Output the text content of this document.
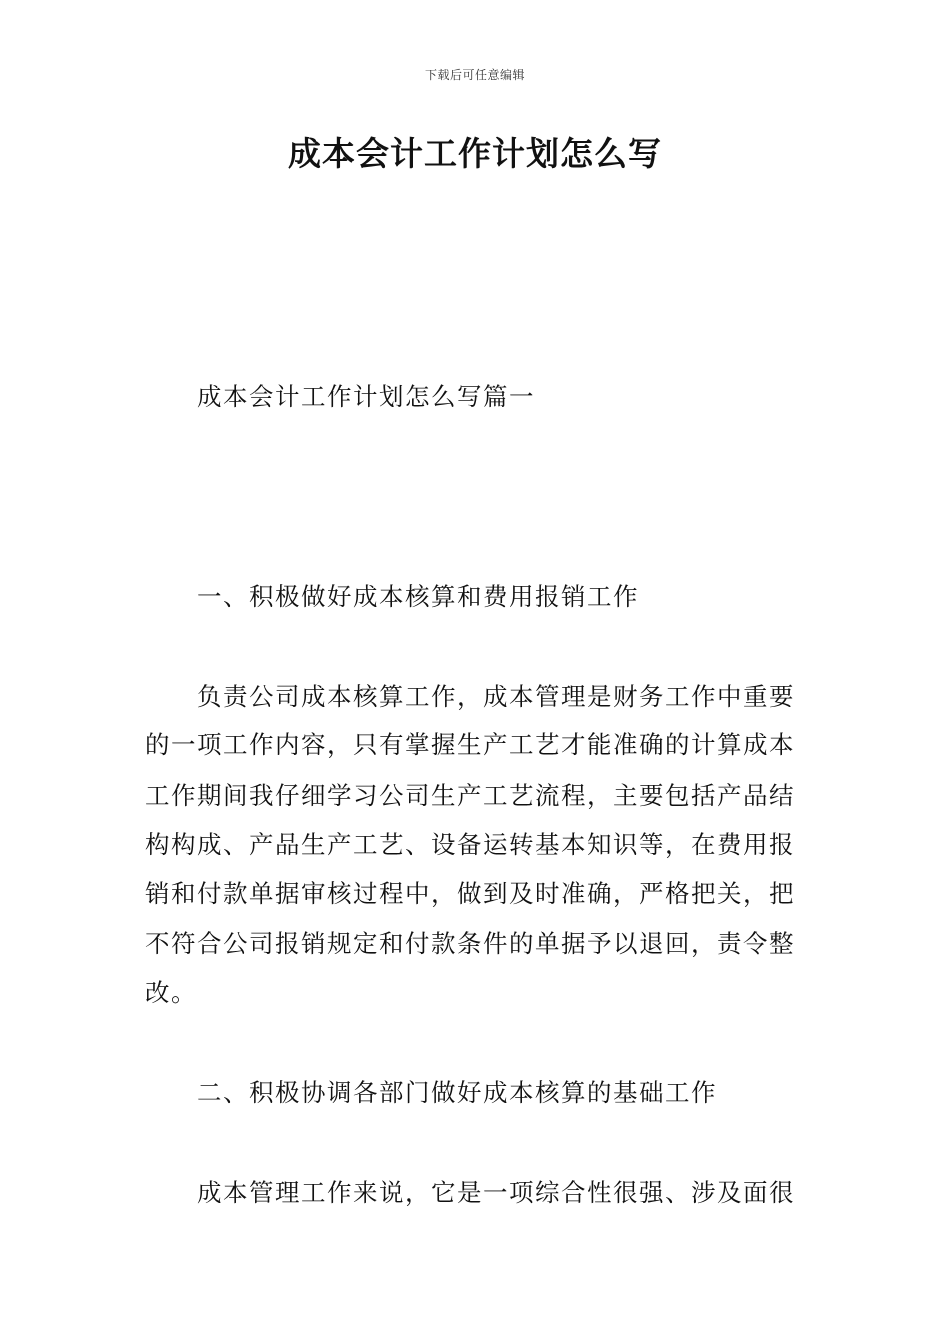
下载后可任意编辑
成本会计工作计划怎么写
成本会计工作计划怎么写篇一
一、积极做好成本核算和费用报销工作
负责公司成本核算工作，成本管理是财务工作中重要
的一项工作内容，只有掌握生产工艺才能准确的计算成本
工作期间我仔细学习公司生产工艺流程，主要包括产品结
构构成、产品生产工艺、设备运转基本知识等，在费用报
销和付款单据审核过程中，做到及时准确，严格把关，把
不符合公司报销规定和付款条件的单据予以退回，责令整
改。
二、积极协调各部门做好成本核算的基础工作
成本管理工作来说，它是一项综合性很强、涉及面很
